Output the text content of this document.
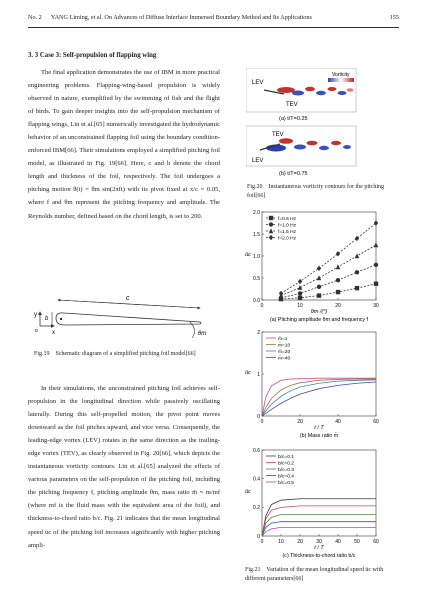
No. 2 YANG Liming, et al. On Advances of Diffuse Interface Immersed Boundary Method and Its Applications	155
3. 3 Case 3: Self-propulsion of flapping wing
The final application demonstrates the use of IBM in more practical engineering problems. Flapping-wing-based propulsion is widely observed in nature, exemplified by the swimming of fish and the flight of birds. To gain deeper insights into the self-propulsion mechanism of flapping wings, Lin et al.[65] numerically investigated the hydrodynamic behavior of an unconstrained flapping foil using the boundary condition-enforced IBM[66]. Their simulations employed a simplified pitching foil model, as illustrated in Fig. 19[66]. Here, c and b denote the chord length and thickness of the foil, respectively. The foil undergoes a pitching motion θ(t) = θm sin(2πft) with its pivot fixed at x/c = 0.05, where f and θm represent the pitching frequency and amplitude. The Reynolds number, defined based on the chord length, is set to 200.
y
x
o
c
b
θm
Fig.19 Schematic diagram of a simplified pitching foil model[66]
In their simulations, the unconstrained pitching foil achieves self-propulsion in the longitudinal direction while passively oscillating laterally. During this self-propelled motion, the pivot point moves downward as the foil pitches upward, and vice versa. Consequently, the leading-edge vortex (LEV) rotates in the same direction as the trailing-edge vortex (TEV), as clearly observed in Fig. 20[66], which depicts the instantaneous vorticity contours. Lin et al.[65] analyzed the effects of various parameters on the self-propulsion of the pitching foil, including the pitching frequency f, pitching amplitude θm, mass ratio m̄ = m/mf (where mf is the fluid mass with the equivalent area of the foil), and thickness-to-chord ratio b/c. Fig. 21 indicates that the mean longitudinal speed ūc of the pitching foil increases significantly with higher pitching ampli-
Vorticity
LEV
TEV
(a) t/T=0.25
TEV
LEV
(b) t/T=0.75
Fig.20 Instantaneous vorticity contours for the pitching foil[66]
0	10	20	30
0.0
0.5
1.0
1.5
2.0
θm /(°)
ūc
(a) Pitching amplitude θm and frequency f
f=0.5 Hz
f=1.0 Hz
f=1.5 Hz
f=2.0 Hz
0	20	40	60
0
1
2
t / T
ūc
(b) Mass ratio m̄
m̄=1
m̄=10
m̄=20
m̄=40
0	10	20	30	40	50	60
0
0.2
0.4
0.6
t / T
ūc
(c) Thickness-to-chord ratio b/c
b/c=0.1
b/c=0.2
b/c=0.3
b/c=0.4
b/c=0.5
Fig.21 Variation of the mean longitudinal speed ūc with different parameters[66]
